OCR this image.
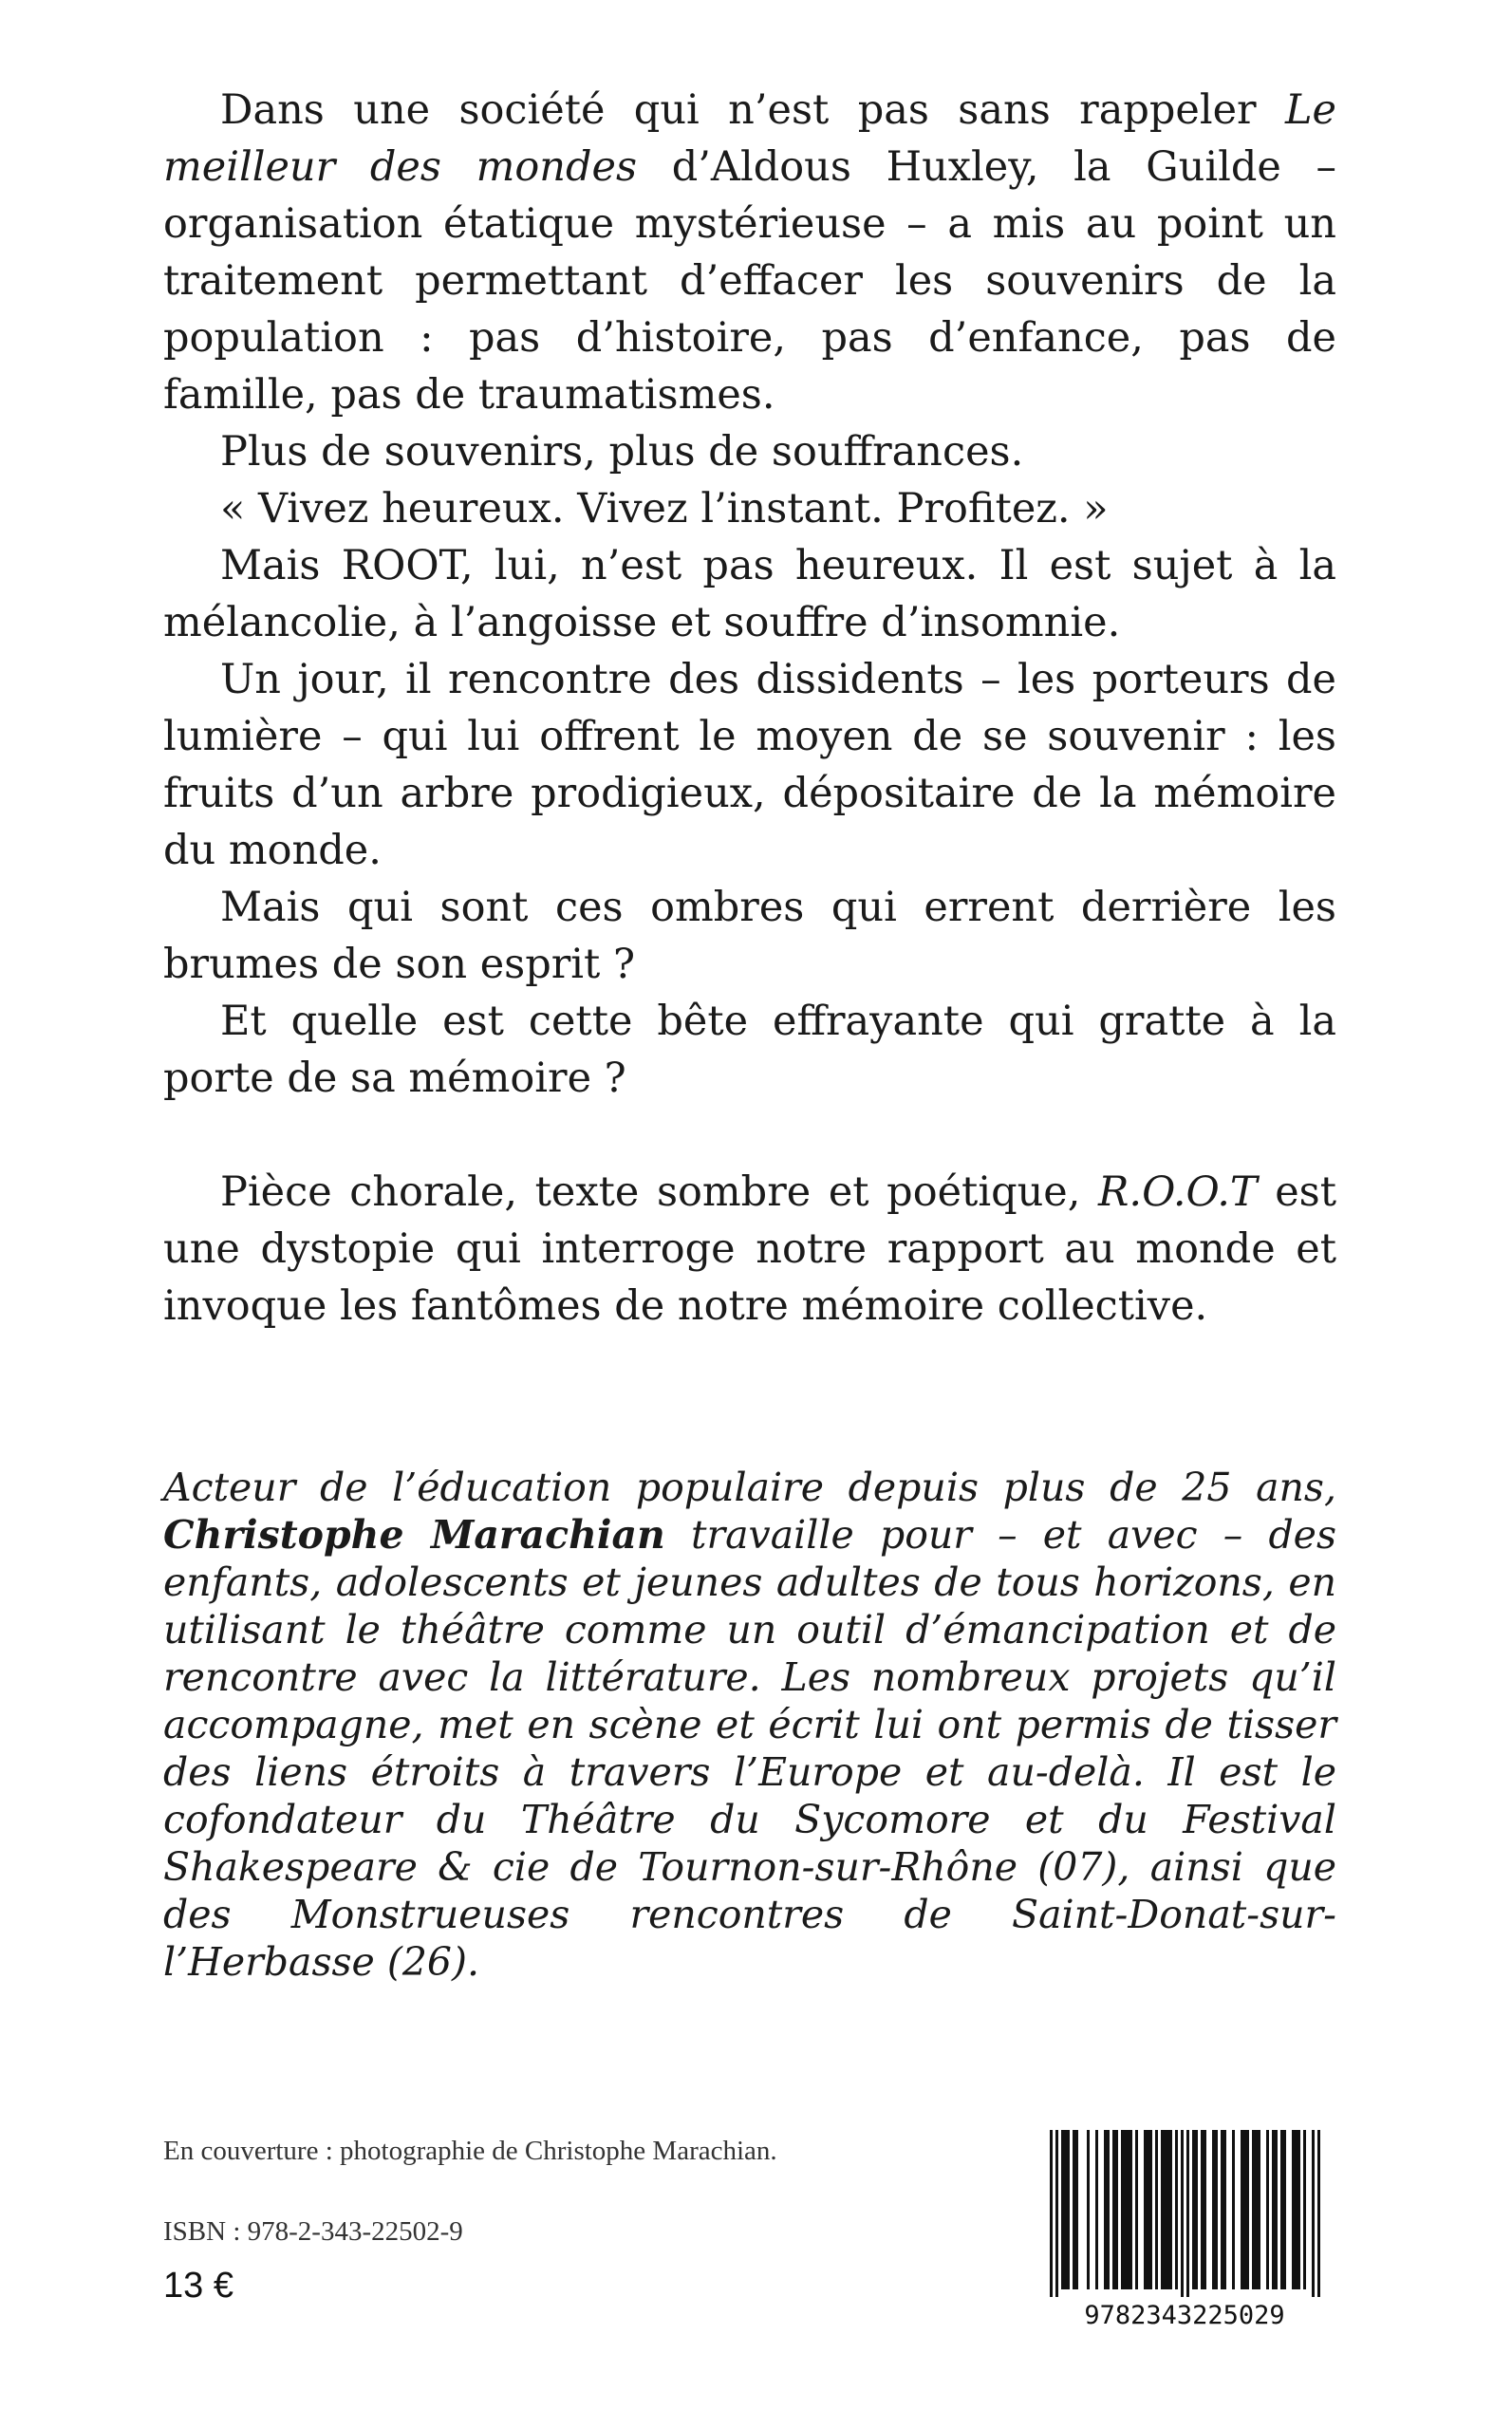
Dans une société qui n’est pas sans rappeler Le meilleur des mondes d’Aldous Huxley, la Guilde – organisation étatique mystérieuse – a mis au point un traitement permettant d’effacer les souvenirs de la population : pas d’histoire, pas d’enfance, pas de famille, pas de traumatismes.

Plus de souvenirs, plus de souffrances.

« Vivez heureux. Vivez l’instant. Profitez. »

Mais ROOT, lui, n’est pas heureux. Il est sujet à la mélancolie, à l’angoisse et souffre d’insomnie.

Un jour, il rencontre des dissidents – les porteurs de lumière – qui lui offrent le moyen de se souvenir : les fruits d’un arbre prodigieux, dépositaire de la mémoire du monde.

Mais qui sont ces ombres qui errent derrière les brumes de son esprit ?

Et quelle est cette bête effrayante qui gratte à la porte de sa mémoire ?

Pièce chorale, texte sombre et poétique, R.O.O.T est une dystopie qui interroge notre rapport au monde et invoque les fantômes de notre mémoire collective.

Acteur de l’éducation populaire depuis plus de 25 ans, Christophe Marachian travaille pour – et avec – des enfants, adolescents et jeunes adultes de tous horizons, en utilisant le théâtre comme un outil d’émancipation et de rencontre avec la littérature. Les nombreux projets qu’il accompagne, met en scène et écrit lui ont permis de tisser des liens étroits à travers l’Europe et au-delà. Il est le cofondateur du Théâtre du Sycomore et du Festival Shakespeare & cie de Tournon-sur-Rhône (07), ainsi que des Monstrueuses rencontres de Saint-Donat-sur-l’Herbasse (26).

En couverture : photographie de Christophe Marachian.

ISBN : 978-2-343-22502-9

13 €

9782343225029
